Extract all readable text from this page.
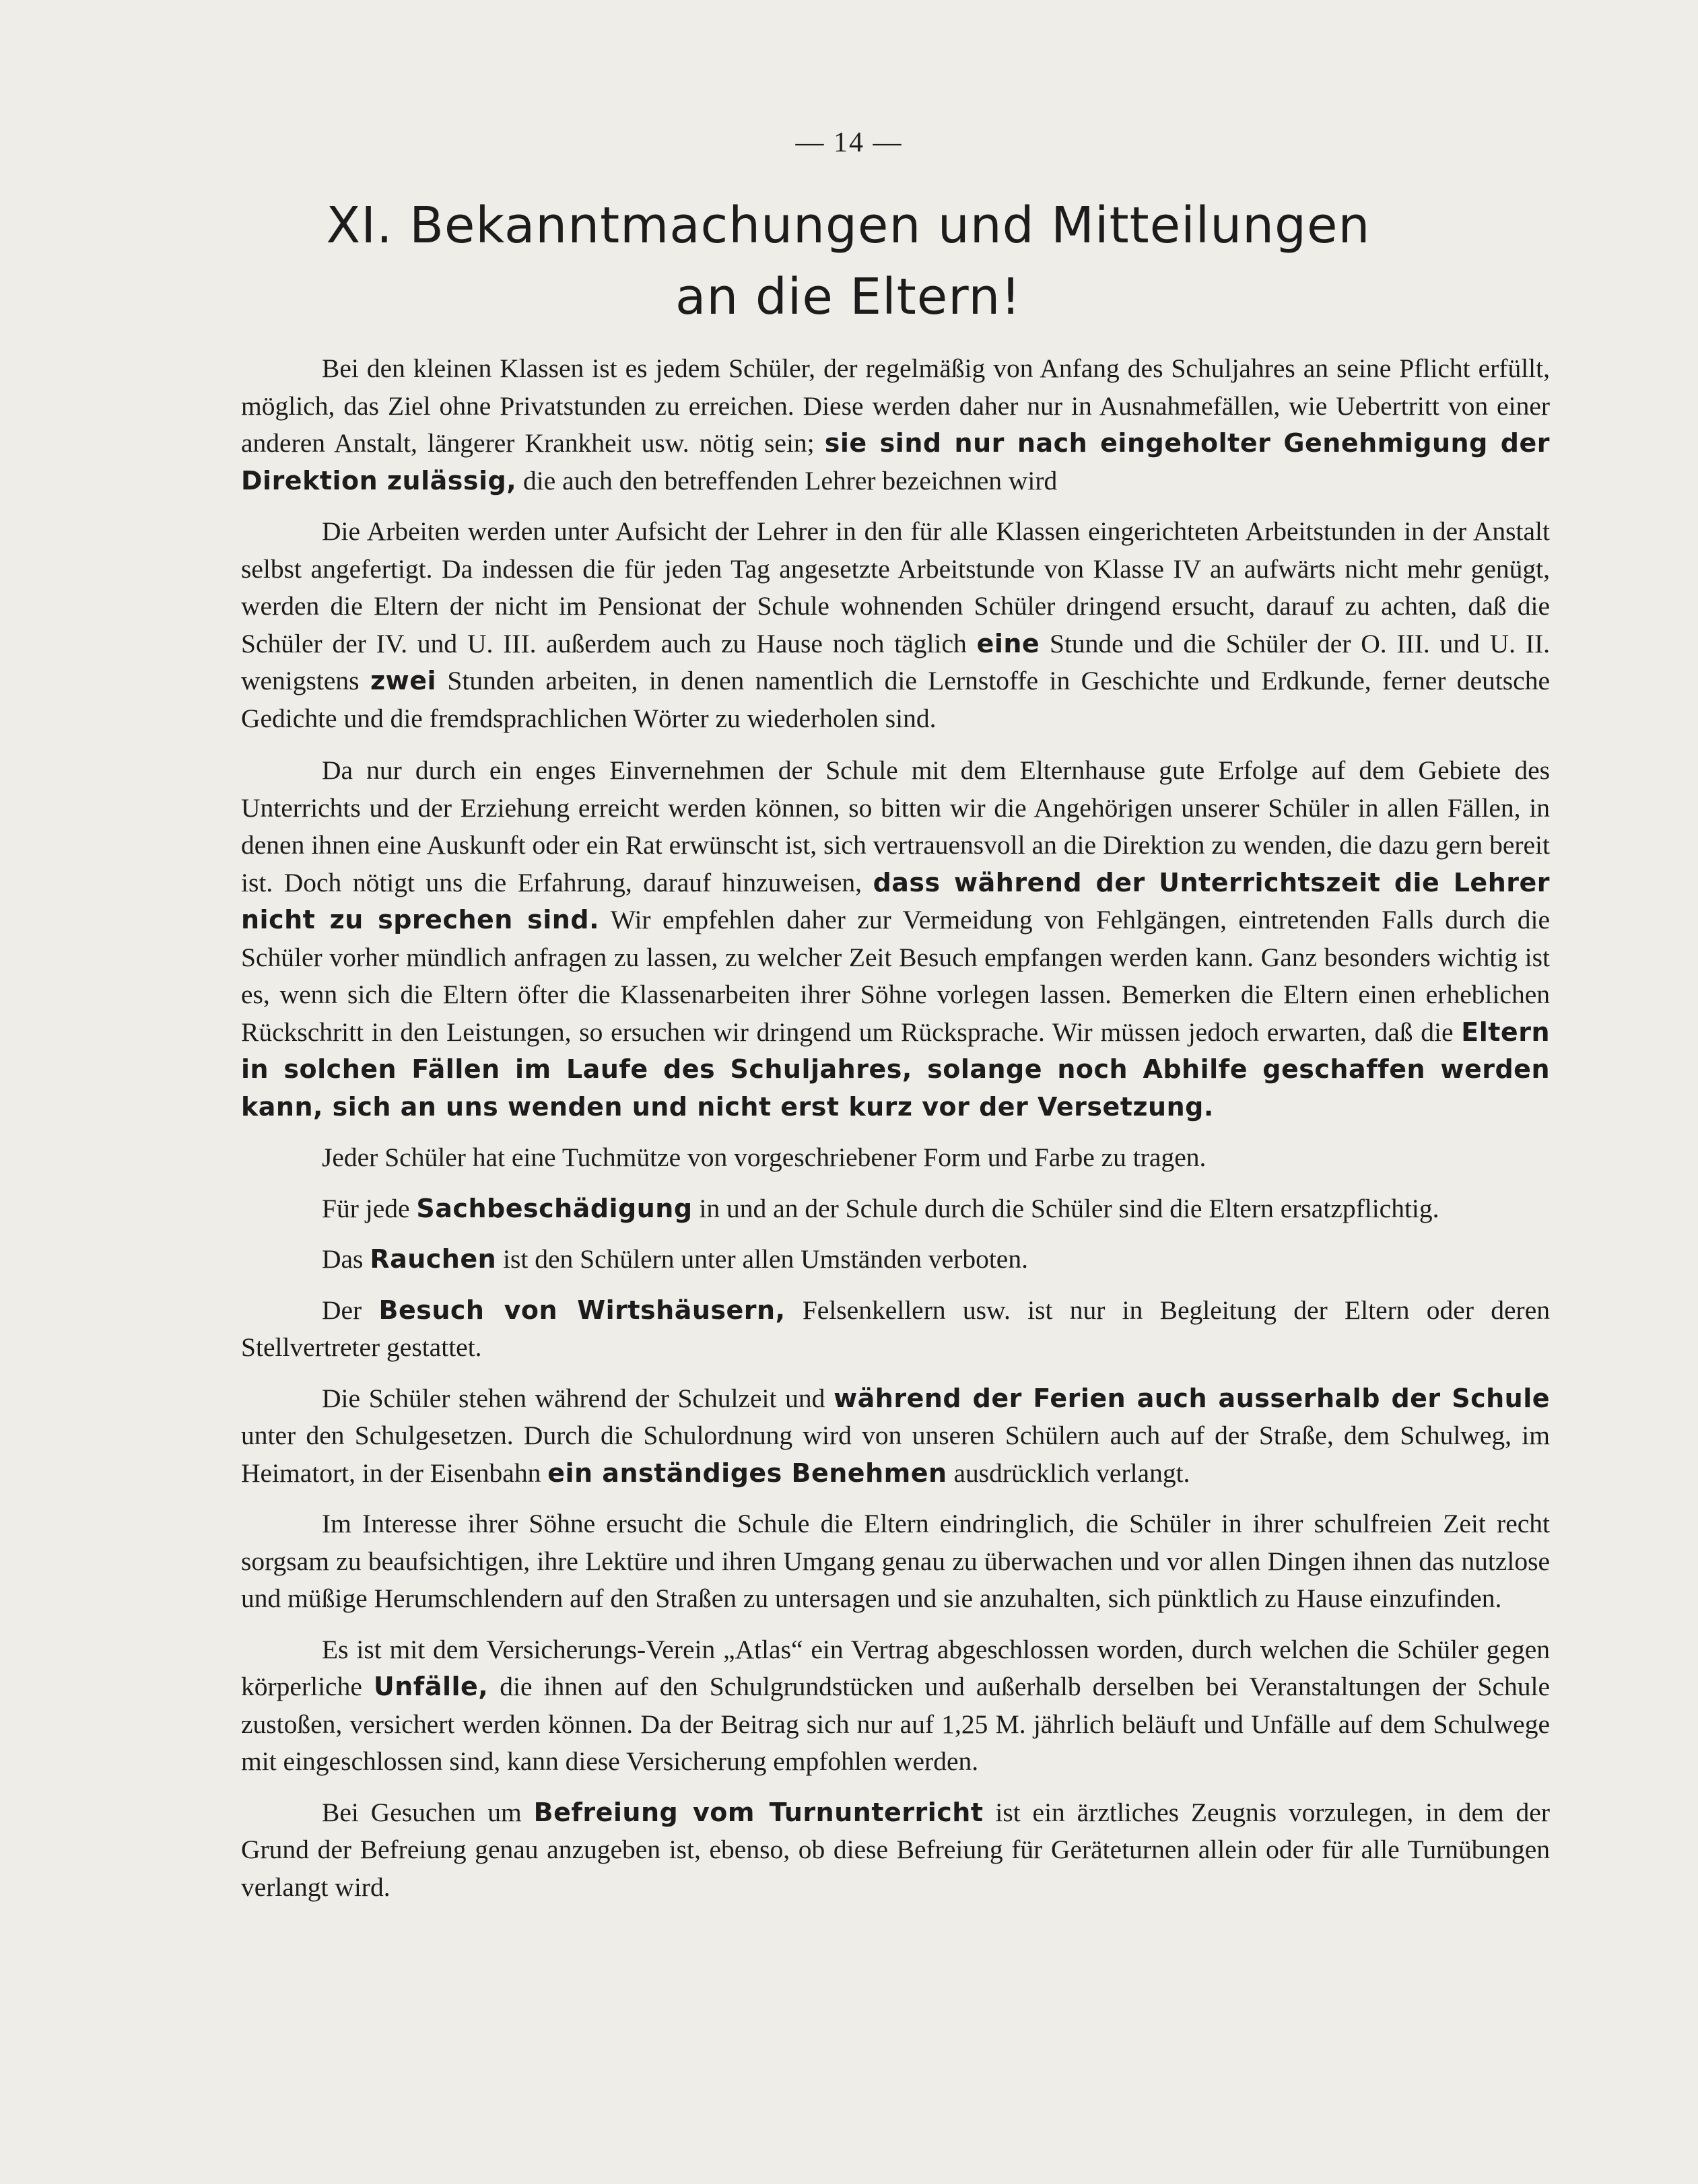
— 14 —
XI. Bekanntmachungen und Mitteilungen
an die Eltern!

Bei den kleinen Klassen ist es jedem Schüler, der regelmäßig von Anfang des Schuljahres an seine Pflicht erfüllt, möglich, das Ziel ohne Privatstunden zu erreichen. Diese werden daher nur in Ausnahmefällen, wie Uebertritt von einer anderen Anstalt, längerer Krankheit usw. nötig sein; sie sind nur nach eingeholter Genehmigung der Direktion zulässig, die auch den betreffenden Lehrer bezeichnen wird

Die Arbeiten werden unter Aufsicht der Lehrer in den für alle Klassen eingerichteten Arbeitstunden in der Anstalt selbst angefertigt. Da indessen die für jeden Tag angesetzte Arbeitstunde von Klasse IV an aufwärts nicht mehr genügt, werden die Eltern der nicht im Pensionat der Schule wohnenden Schüler dringend ersucht, darauf zu achten, daß die Schüler der IV. und U. III. außerdem auch zu Hause noch täglich eine Stunde und die Schüler der O. III. und U. II. wenigstens zwei Stunden arbeiten, in denen namentlich die Lernstoffe in Geschichte und Erdkunde, ferner deutsche Gedichte und die fremdsprachlichen Wörter zu wiederholen sind.

Da nur durch ein enges Einvernehmen der Schule mit dem Elternhause gute Erfolge auf dem Gebiete des Unterrichts und der Erziehung erreicht werden können, so bitten wir die Angehörigen unserer Schüler in allen Fällen, in denen ihnen eine Auskunft oder ein Rat erwünscht ist, sich vertrauensvoll an die Direktion zu wenden, die dazu gern bereit ist. Doch nötigt uns die Erfahrung, darauf hinzuweisen, dass während der Unterrichtszeit die Lehrer nicht zu sprechen sind. Wir empfehlen daher zur Vermeidung von Fehlgängen, eintretenden Falls durch die Schüler vorher mündlich anfragen zu lassen, zu welcher Zeit Besuch empfangen werden kann. Ganz besonders wichtig ist es, wenn sich die Eltern öfter die Klassenarbeiten ihrer Söhne vorlegen lassen. Bemerken die Eltern einen erheblichen Rückschritt in den Leistungen, so ersuchen wir dringend um Rücksprache. Wir müssen jedoch erwarten, daß die Eltern in solchen Fällen im Laufe des Schuljahres, solange noch Abhilfe geschaffen werden kann, sich an uns wenden und nicht erst kurz vor der Versetzung.

Jeder Schüler hat eine Tuchmütze von vorgeschriebener Form und Farbe zu tragen.

Für jede Sachbeschädigung in und an der Schule durch die Schüler sind die Eltern ersatzpflichtig.

Das Rauchen ist den Schülern unter allen Umständen verboten.

Der Besuch von Wirtshäusern, Felsenkellern usw. ist nur in Begleitung der Eltern oder deren Stellvertreter gestattet.

Die Schüler stehen während der Schulzeit und während der Ferien auch ausserhalb der Schule unter den Schulgesetzen. Durch die Schulordnung wird von unseren Schülern auch auf der Straße, dem Schulweg, im Heimatort, in der Eisenbahn ein anständiges Benehmen ausdrücklich verlangt.

Im Interesse ihrer Söhne ersucht die Schule die Eltern eindringlich, die Schüler in ihrer schulfreien Zeit recht sorgsam zu beaufsichtigen, ihre Lektüre und ihren Umgang genau zu überwachen und vor allen Dingen ihnen das nutzlose und müßige Herumschlendern auf den Straßen zu untersagen und sie anzuhalten, sich pünktlich zu Hause einzufinden.

Es ist mit dem Versicherungs-Verein „Atlas“ ein Vertrag abgeschlossen worden, durch welchen die Schüler gegen körperliche Unfälle, die ihnen auf den Schulgrundstücken und außerhalb derselben bei Veranstaltungen der Schule zustoßen, versichert werden können. Da der Beitrag sich nur auf 1,25 M. jährlich beläuft und Unfälle auf dem Schulwege mit eingeschlossen sind, kann diese Versicherung empfohlen werden.

Bei Gesuchen um Befreiung vom Turnunterricht ist ein ärztliches Zeugnis vorzulegen, in dem der Grund der Befreiung genau anzugeben ist, ebenso, ob diese Befreiung für Geräteturnen allein oder für alle Turnübungen verlangt wird.
